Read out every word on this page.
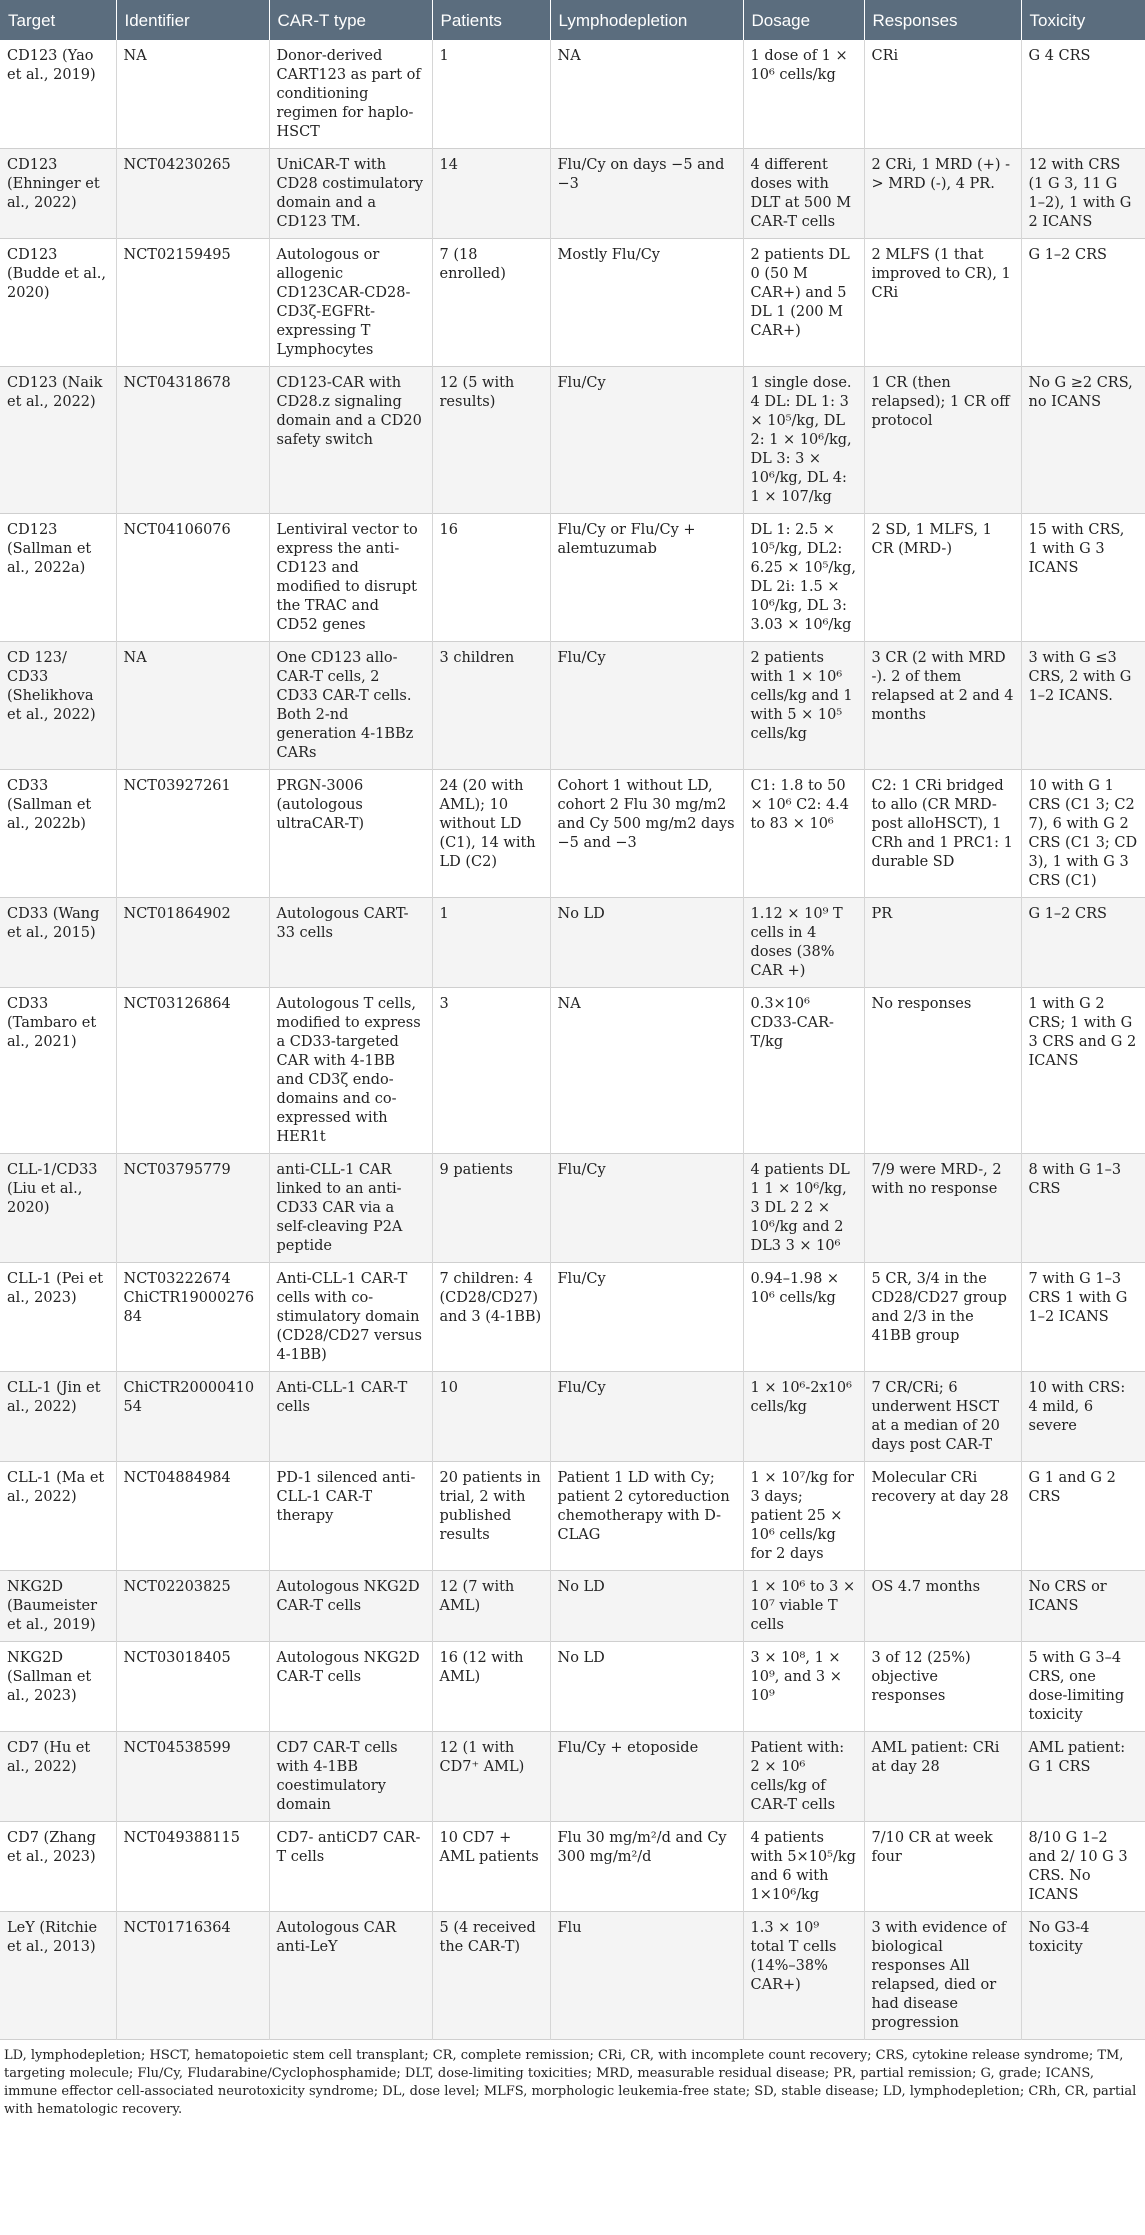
Target	Identifier	CAR-T type	Patients	Lymphodepletion	Dosage	Responses	Toxicity
CD123 (Yao et al., 2019)	NA	Donor-derived CART123 as part of conditioning regimen for haplo-HSCT	1	NA	1 dose of 1 × 10⁶ cells/kg	CRi	G 4 CRS
CD123 (Ehninger et al., 2022)	NCT04230265	UniCAR-T with CD28 costimulatory domain and a CD123 TM.	14	Flu/Cy on days −5 and −3	4 different doses with DLT at 500 M CAR-T cells	2 CRi, 1 MRD (+) - > MRD (-), 4 PR.	12 with CRS (1 G 3, 11 G 1–2), 1 with G 2 ICANS
CD123 (Budde et al., 2020)	NCT02159495	Autologous or allogenic CD123CAR-CD28-CD3ζ-EGFRt-expressing T Lymphocytes	7 (18 enrolled)	Mostly Flu/Cy	2 patients DL 0 (50 M CAR+) and 5 DL 1 (200 M CAR+)	2 MLFS (1 that improved to CR), 1 CRi	G 1–2 CRS
CD123 (Naik et al., 2022)	NCT04318678	CD123-CAR with CD28.z signaling domain and a CD20 safety switch	12 (5 with results)	Flu/Cy	1 single dose. 4 DL: DL 1: 3 × 10⁵/kg, DL 2: 1 × 10⁶/kg, DL 3: 3 × 10⁶/kg, DL 4: 1 × 107/kg	1 CR (then relapsed); 1 CR off protocol	No G ≥2 CRS, no ICANS
CD123 (Sallman et al., 2022a)	NCT04106076	Lentiviral vector to express the anti-CD123 and modified to disrupt the TRAC and CD52 genes	16	Flu/Cy or Flu/Cy + alemtuzumab	DL 1: 2.5 × 10⁵/kg, DL2: 6.25 × 10⁵/kg, DL 2i: 1.5 × 10⁶/kg, DL 3: 3.03 × 10⁶/kg	2 SD, 1 MLFS, 1 CR (MRD-)	15 with CRS, 1 with G 3 ICANS
CD 123/ CD33 (Shelikhova et al., 2022)	NA	One CD123 allo-CAR-T cells, 2 CD33 CAR-T cells. Both 2-nd generation 4-1BBz CARs	3 children	Flu/Cy	2 patients with 1 × 10⁶ cells/kg and 1 with 5 × 10⁵ cells/kg	3 CR (2 with MRD -). 2 of them relapsed at 2 and 4 months	3 with G ≤3 CRS, 2 with G 1–2 ICANS.
CD33 (Sallman et al., 2022b)	NCT03927261	PRGN-3006 (autologous ultraCAR-T)	24 (20 with AML); 10 without LD (C1), 14 with LD (C2)	Cohort 1 without LD, cohort 2 Flu 30 mg/m2 and Cy 500 mg/m2 days −5 and −3	C1: 1.8 to 50 × 10⁶ C2: 4.4 to 83 × 10⁶	C2: 1 CRi bridged to allo (CR MRD-post alloHSCT), 1 CRh and 1 PRC1: 1 durable SD	10 with G 1 CRS (C1 3; C2 7), 6 with G 2 CRS (C1 3; CD 3), 1 with G 3 CRS (C1)
CD33 (Wang et al., 2015)	NCT01864902	Autologous CART-33 cells	1	No LD	1.12 × 10⁹ T cells in 4 doses (38% CAR +)	PR	G 1–2 CRS
CD33 (Tambaro et al., 2021)	NCT03126864	Autologous T cells, modified to express a CD33-targeted CAR with 4-1BB and CD3ζ endo-domains and co-expressed with HER1t	3	NA	0.3×10⁶ CD33-CAR-T/kg	No responses	1 with G 2 CRS; 1 with G 3 CRS and G 2 ICANS
CLL-1/CD33 (Liu et al., 2020)	NCT03795779	anti-CLL-1 CAR linked to an anti- CD33 CAR via a self-cleaving P2A peptide	9 patients	Flu/Cy	4 patients DL 1 1 × 10⁶/kg, 3 DL 2 2 × 10⁶/kg and 2 DL3 3 × 10⁶	7/9 were MRD-, 2 with no response	8 with G 1–3 CRS
CLL-1 (Pei et al., 2023)	NCT03222674 ChiCTR1900027684	Anti-CLL-1 CAR-T cells with co-stimulatory domain (CD28/CD27 versus 4-1BB)	7 children: 4 (CD28/CD27) and 3 (4-1BB)	Flu/Cy	0.94–1.98 × 10⁶ cells/kg	5 CR, 3/4 in the CD28/CD27 group and 2/3 in the 41BB group	7 with G 1–3 CRS 1 with G 1–2 ICANS
CLL-1 (Jin et al., 2022)	ChiCTR2000041054	Anti-CLL-1 CAR-T cells	10	Flu/Cy	1 × 10⁶-2x10⁶ cells/kg	7 CR/CRi; 6 underwent HSCT at a median of 20 days post CAR-T	10 with CRS: 4 mild, 6 severe
CLL-1 (Ma et al., 2022)	NCT04884984	PD-1 silenced anti-CLL-1 CAR-T therapy	20 patients in trial, 2 with published results	Patient 1 LD with Cy; patient 2 cytoreduction chemotherapy with D-CLAG	1 × 10⁷/kg for 3 days; patient 25 × 10⁶ cells/kg for 2 days	Molecular CRi recovery at day 28	G 1 and G 2 CRS
NKG2D (Baumeister et al., 2019)	NCT02203825	Autologous NKG2D CAR-T cells	12 (7 with AML)	No LD	1 × 10⁶ to 3 × 10⁷ viable T cells	OS 4.7 months	No CRS or ICANS
NKG2D (Sallman et al., 2023)	NCT03018405	Autologous NKG2D CAR-T cells	16 (12 with AML)	No LD	3 × 10⁸, 1 × 10⁹, and 3 × 10⁹	3 of 12 (25%) objective responses	5 with G 3–4 CRS, one dose-limiting toxicity
CD7 (Hu et al., 2022)	NCT04538599	CD7 CAR-T cells with 4-1BB coestimulatory domain	12 (1 with CD7⁺ AML)	Flu/Cy + etoposide	Patient with: 2 × 10⁶ cells/kg of CAR-T cells	AML patient: CRi at day 28	AML patient: G 1 CRS
CD7 (Zhang et al., 2023)	NCT049388115	CD7- antiCD7 CAR-T cells	10 CD7 + AML patients	Flu 30 mg/m²/d and Cy 300 mg/m²/d	4 patients with 5×10⁵/kg and 6 with 1×10⁶/kg	7/10 CR at week four	8/10 G 1–2 and 2/ 10 G 3 CRS. No ICANS
LeY (Ritchie et al., 2013)	NCT01716364	Autologous CAR anti-LeY	5 (4 received the CAR-T)	Flu	1.3 × 10⁹ total T cells (14%–38% CAR+)	3 with evidence of biological responses All relapsed, died or had disease progression	No G3-4 toxicity
LD, lymphodepletion; HSCT, hematopoietic stem cell transplant; CR, complete remission; CRi, CR, with incomplete count recovery; CRS, cytokine release syndrome; TM, targeting molecule; Flu/Cy, Fludarabine/Cyclophosphamide; DLT, dose-limiting toxicities; MRD, measurable residual disease; PR, partial remission; G, grade; ICANS, immune effector cell-associated neurotoxicity syndrome; DL, dose level; MLFS, morphologic leukemia-free state; SD, stable disease; LD, lymphodepletion; CRh, CR, partial with hematologic recovery.
